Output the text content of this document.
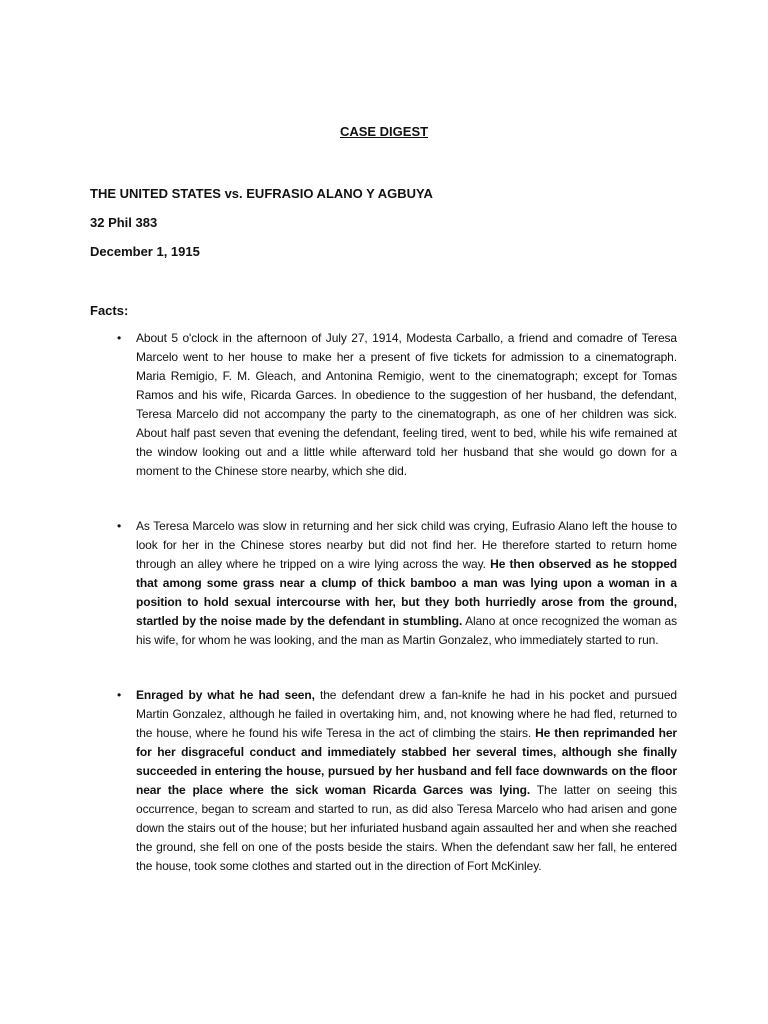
CASE DIGEST
THE UNITED STATES vs. EUFRASIO ALANO Y AGBUYA
32 Phil 383
December 1, 1915
Facts:
• About 5 o'clock in the afternoon of July 27, 1914, Modesta Carballo, a friend and comadre of Teresa Marcelo went to her house to make her a present of five tickets for admission to a cinematograph. Maria Remigio, F. M. Gleach, and Antonina Remigio, went to the cinematograph; except for Tomas Ramos and his wife, Ricarda Garces. In obedience to the suggestion of her husband, the defendant, Teresa Marcelo did not accompany the party to the cinematograph, as one of her children was sick. About half past seven that evening the defendant, feeling tired, went to bed, while his wife remained at the window looking out and a little while afterward told her husband that she would go down for a moment to the Chinese store nearby, which she did.
• As Teresa Marcelo was slow in returning and her sick child was crying, Eufrasio Alano left the house to look for her in the Chinese stores nearby but did not find her. He therefore started to return home through an alley where he tripped on a wire lying across the way. He then observed as he stopped that among some grass near a clump of thick bamboo a man was lying upon a woman in a position to hold sexual intercourse with her, but they both hurriedly arose from the ground, startled by the noise made by the defendant in stumbling. Alano at once recognized the woman as his wife, for whom he was looking, and the man as Martin Gonzalez, who immediately started to run.
• Enraged by what he had seen, the defendant drew a fan-knife he had in his pocket and pursued Martin Gonzalez, although he failed in overtaking him, and, not knowing where he had fled, returned to the house, where he found his wife Teresa in the act of climbing the stairs. He then reprimanded her for her disgraceful conduct and immediately stabbed her several times, although she finally succeeded in entering the house, pursued by her husband and fell face downwards on the floor near the place where the sick woman Ricarda Garces was lying. The latter on seeing this occurrence, began to scream and started to run, as did also Teresa Marcelo who had arisen and gone down the stairs out of the house; but her infuriated husband again assaulted her and when she reached the ground, she fell on one of the posts beside the stairs. When the defendant saw her fall, he entered the house, took some clothes and started out in the direction of Fort McKinley.
